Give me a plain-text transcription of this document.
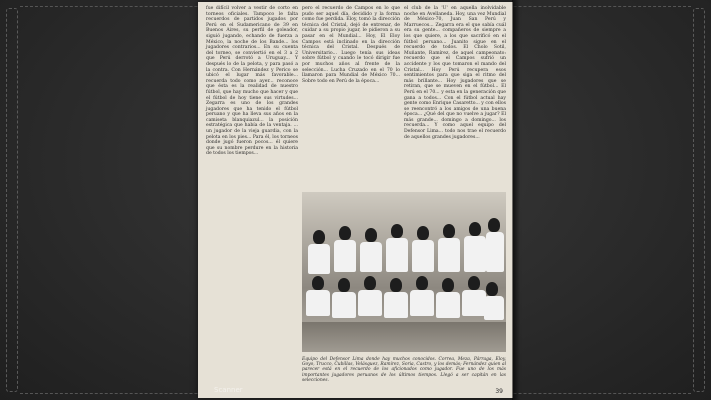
fue difícil volver a vestir de corto en torneos oficiales. Tampoco le falta recuerdos de partidos jugados por Perú en el Sudamericano de 39 en Buenos Aires, su perfil de goleador, siguió jugando, echando de fuerza a México, la noche de los Bande... los jugadores contrarios... En su cuenta del torneo, se conviertió en el 3 a 2 que Perú derrotó a Uruguay... Y después lo de la pelota, y para pasó a la contra. Con Hernández y Perico se ubicó el lugar más favorable... recuerda todo como ayer... reconoce que ésta es la realidad de nuestro fútbol, que hay mucho que hacer y que el fútbol de hoy tiene sus virtudes... Zegarra es uno de los grandes jugadores que ha tenido el fútbol peruano y que ha lleva sus años en la camiseta blanquiazul... la posición estratégica que había de la ventaja. ... un jugador de la vieja guardia, con la pelota en los pies... Para él, los torneos donde jugó fueron pocos... él quiere que su nombre perdure en la historia de todos los tiempos...
pero el recuerdo de Campos en lo que pudo ser aquel día, decidido y la forma como fue perdida. Eloy, tomó la dirección técnica del Cristal, dejó de entrenar, de cuidar a su propio jugar, le pidieron a su pasar en el Mundial... Hoy, El Eloy Campos está inclinado en la dirección técnica del Cristal. Después de Universitario... Luego tenía sus ideas sobre fútbol y cuando le tocó dirigir fue por muchos años al frente de la selección... Lucha Cruzado en el 70 lo llamaron para Mundial de México 70... Sobre todo en Perú de la época...
el club de la 'U' en aquella inolvidable noche en Avellaneda. Hoy, una vez Mundial de México-70, Juan San Perú y Marruecos... Zegarra era el que sabía cuál era su gente... compañeros de siempre a los que quiere, a los que sacrificó en el fútbol peruano... Juanito sigue en el recuerdo de todos. El Cholo Sotil, Muñante, Ramírez, de aquel campeonato: recuerdo que el Campos sufrió un accidente y los que tomaron el mando del Cristal... Hoy Perú recupera esos sentimientos para que siga el ritmo del más brillante... Hoy jugadores que se retiran, que se mueven en el fútbol... El Perú en el 70... y esta en la generación que gana a todos... Con el fútbol actual hay gente como Enrique Casaretto... y con ellos se reencontró a los amigos de una buena época... ¿Qué del que no vuelve a jugar? El más grande... domingo a domingo... los recuerda... Y como aquel equipo del Defensor Lima... todo nos trae el recuerdo de aquellos grandes jugadores...
Equipo del Defensor Lima donde hay muchos conocidos. Correa, Meza, Párraga, Eloy, Goyo, Trucco, Cubillas, Velásquez, Ramírez, Soria, Castro, y los demás; Fernández quien al parecer está en el recuerdo de los aficionados como jugador. Fue uno de los más importantes jugadores peruanos de los últimos tiempos. Llegó a ser capitán en las selecciones.
39
Scanner
